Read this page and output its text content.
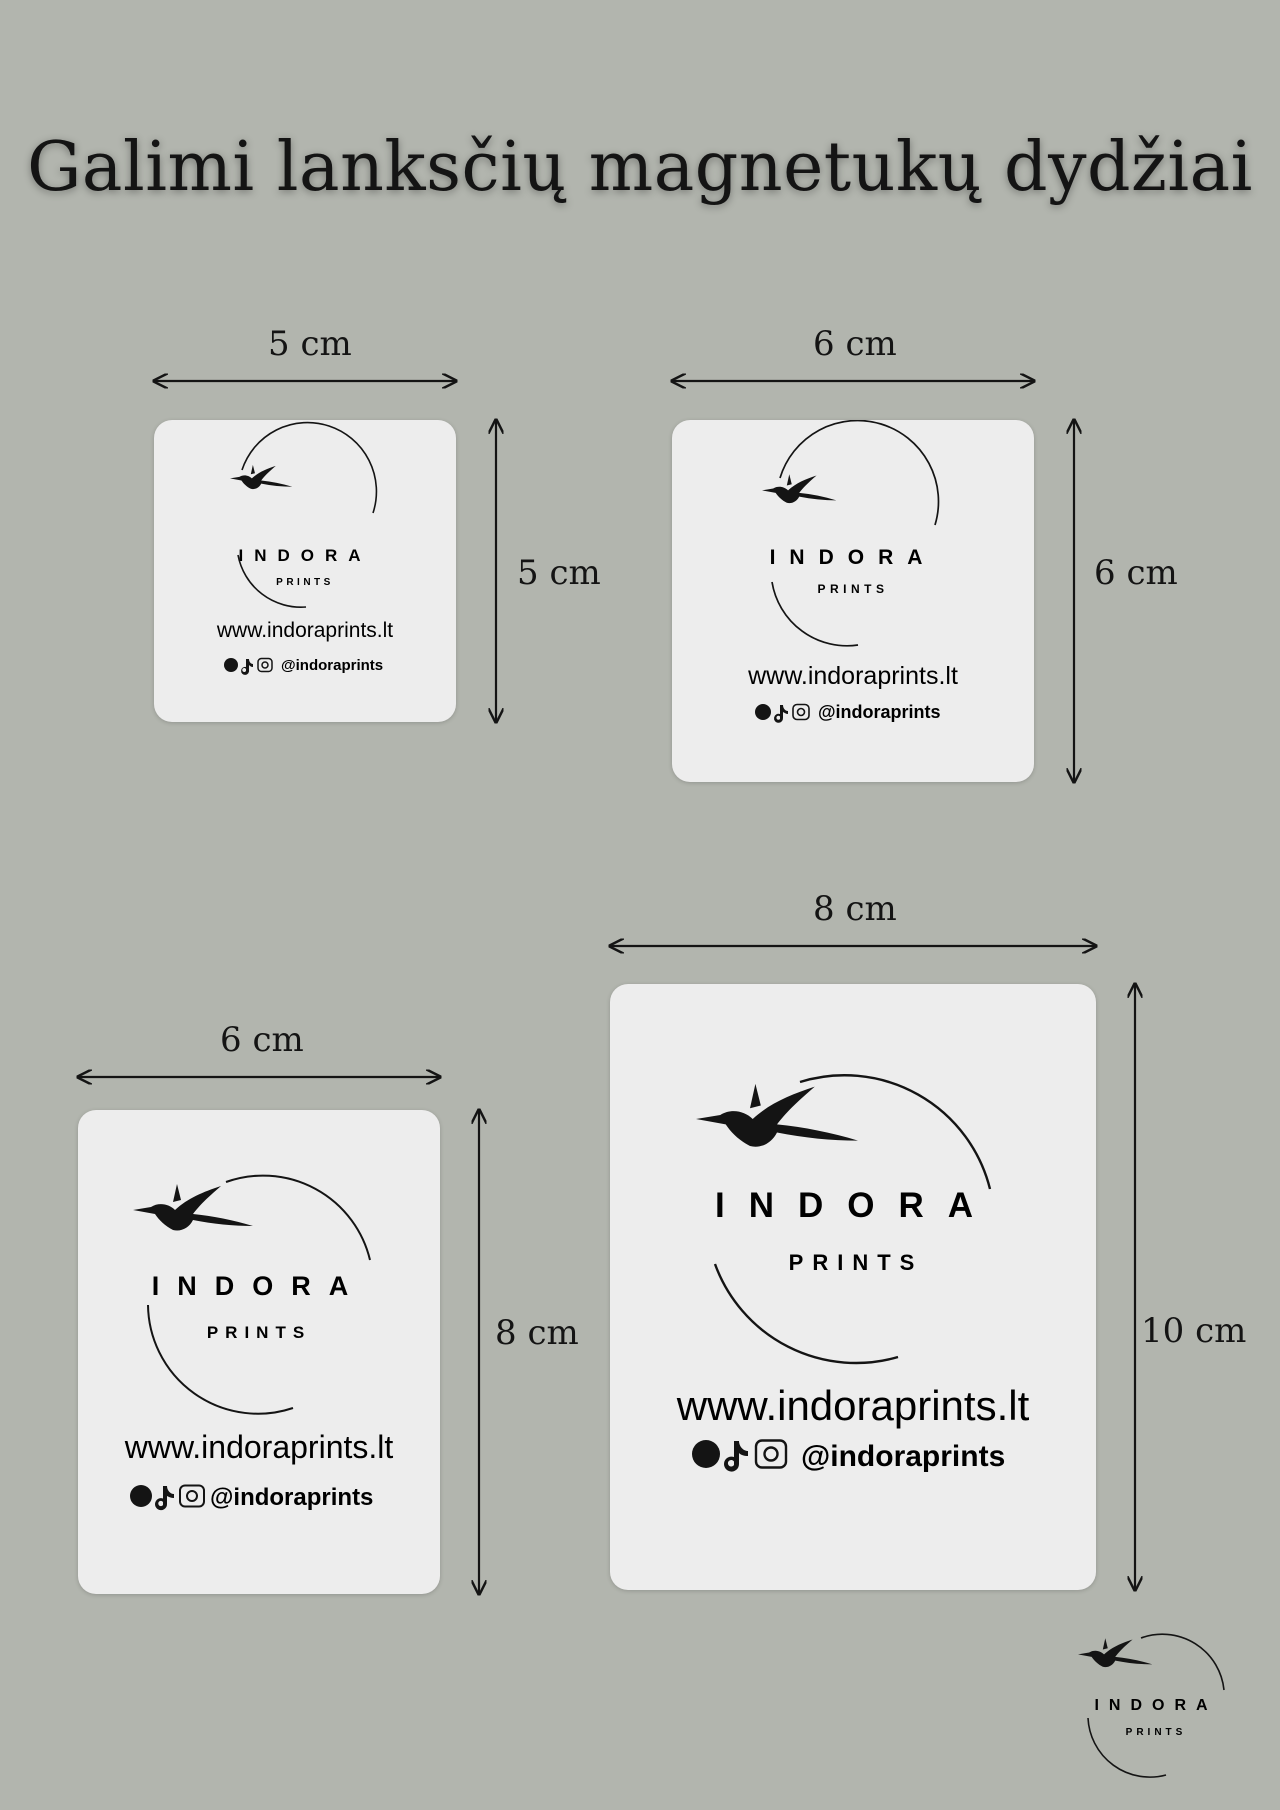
Galimi lanksčių magnetukų dydžiai
5 cm
5 cm
6 cm
6 cm
6 cm
8 cm
8 cm
10 cm
INDORA
PRINTS
www.indoraprints.lt
@indoraprints
INDORA
PRINTS
www.indoraprints.lt
@indoraprints
INDORA
PRINTS
www.indoraprints.lt
@indoraprints
INDORA
PRINTS
www.indoraprints.lt
@indoraprints
INDORA
PRINTS
